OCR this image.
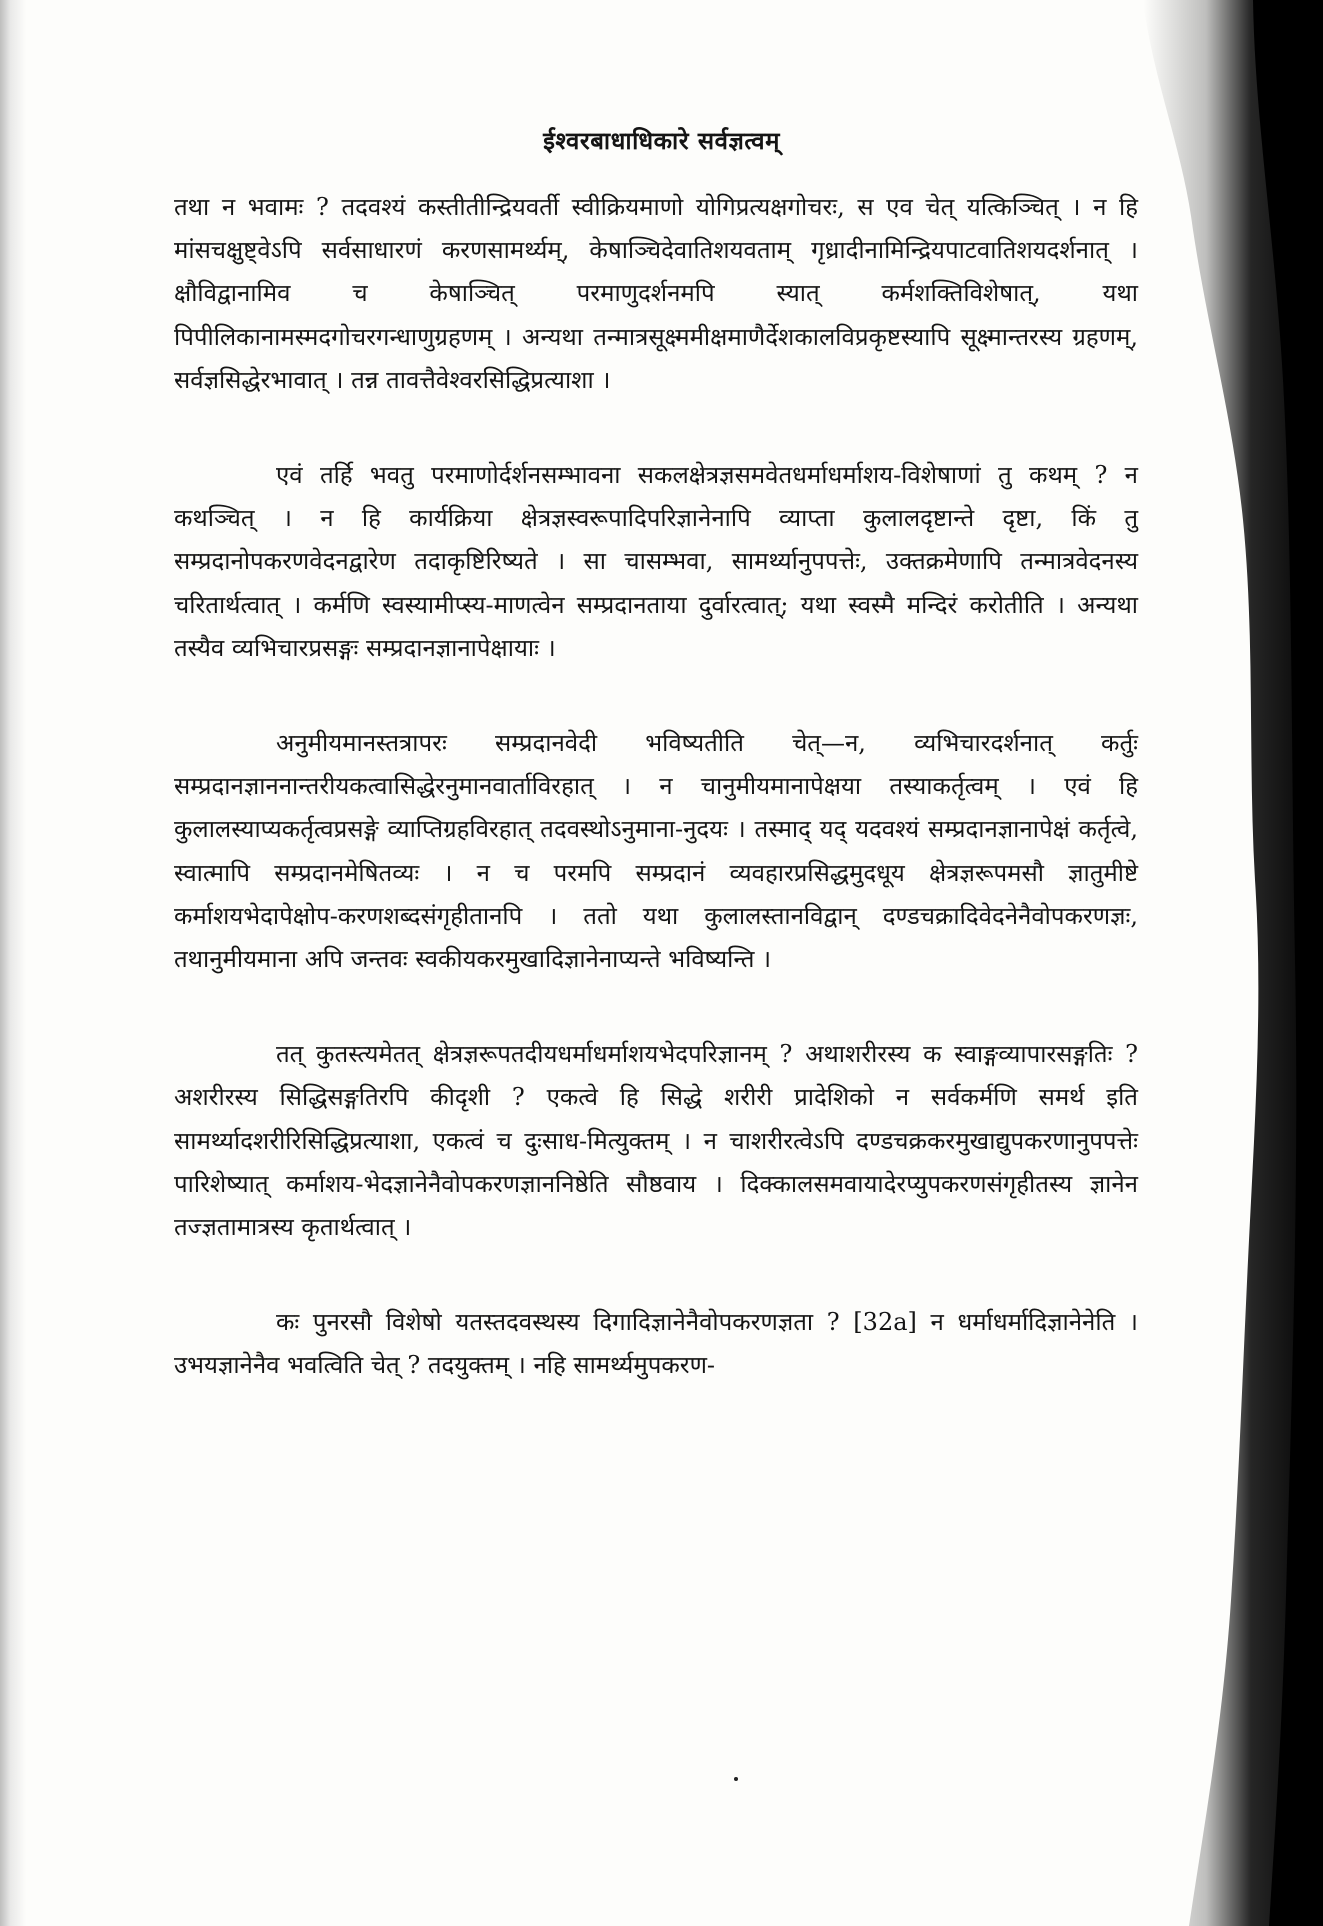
ईश्वरबाधाधिकारे सर्वज्ञत्वम्

तथा न भवामः ? तदवश्यं कस्तीतीन्द्रियवर्ती स्वीक्रियमाणो योगिप्रत्यक्षगोचरः, स एव चेत् यत्किञ्चित् । न हि मांसचक्षुष्ट्वेऽपि सर्वसाधारणं करणसामर्थ्यम्, केषाञ्चिदेवातिशयवताम् गृध्रादीनामिन्द्रियपाटवातिशयदर्शनात् । क्षौविद्वानामिव च केषाञ्चित् परमाणुदर्शनमपि स्यात् कर्मशक्तिविशेषात्, यथा पिपीलिकानामस्मदगोचरगन्धाणुग्रहणम् । अन्यथा तन्मात्रसूक्ष्ममीक्षमाणैर्देशकालविप्रकृष्टस्यापि सूक्ष्मान्तरस्य ग्रहणम्, सर्वज्ञसिद्धेरभावात् । तन्न तावत्तैवेश्वरसिद्धिप्रत्याशा ।

एवं तर्हि भवतु परमाणोर्दर्शनसम्भावना सकलक्षेत्रज्ञसमवेतधर्माधर्माशय-विशेषाणां तु कथम् ? न कथञ्चित् । न हि कार्यक्रिया क्षेत्रज्ञस्वरूपादिपरिज्ञानेनापि व्याप्ता कुलालदृष्टान्ते दृष्टा, किं तु सम्प्रदानोपकरणवेदनद्वारेण तदाकृष्टिरिष्यते । सा चासम्भवा, सामर्थ्यानुपपत्तेः, उक्तक्रमेणापि तन्मात्रवेदनस्य चरितार्थत्वात् । कर्मणि स्वस्यामीप्स्य-माणत्वेन सम्प्रदानताया दुर्वारत्वात्; यथा स्वस्मै मन्दिरं करोतीति । अन्यथा तस्यैव व्यभिचारप्रसङ्गः सम्प्रदानज्ञानापेक्षायाः ।

अनुमीयमानस्तत्रापरः सम्प्रदानवेदी भविष्यतीति चेत्—न, व्यभिचारदर्शनात् कर्तुः सम्प्रदानज्ञाननान्तरीयकत्वासिद्धेरनुमानवार्ताविरहात् । न चानुमीयमानापेक्षया तस्याकर्तृत्वम् । एवं हि कुलालस्याप्यकर्तृत्वप्रसङ्गे व्याप्तिग्रहविरहात् तदवस्थोऽनुमाना-नुदयः । तस्माद् यद् यदवश्यं सम्प्रदानज्ञानापेक्षं कर्तृत्वे, स्वात्मापि सम्प्रदानमेषितव्यः । न च परमपि सम्प्रदानं व्यवहारप्रसिद्धमुदधूय क्षेत्रज्ञरूपमसौ ज्ञातुमीष्टे कर्माशयभेदापेक्षोप-करणशब्दसंगृहीतानपि । ततो यथा कुलालस्तानविद्वान् दण्डचक्रादिवेदनेनैवोपकरणज्ञः, तथानुमीयमाना अपि जन्तवः स्वकीयकरमुखादिज्ञानेनाप्यन्ते भविष्यन्ति ।

तत् कुतस्त्यमेतत् क्षेत्रज्ञरूपतदीयधर्माधर्माशयभेदपरिज्ञानम् ? अथाशरीरस्य क स्वाङ्गव्यापारसङ्गतिः ? अशरीरस्य सिद्धिसङ्गतिरपि कीदृशी ? एकत्वे हि सिद्धे शरीरी प्रादेशिको न सर्वकर्मणि समर्थ इति सामर्थ्यादशरीरिसिद्धिप्रत्याशा, एकत्वं च दुःसाध-मित्युक्तम् । न चाशरीरत्वेऽपि दण्डचक्रकरमुखाद्युपकरणानुपपत्तेः पारिशेष्यात् कर्माशय-भेदज्ञानेनैवोपकरणज्ञाननिष्ठेति सौष्ठवाय । दिक्कालसमवायादेरप्युपकरणसंगृहीतस्य ज्ञानेन तज्ज्ञतामात्रस्य कृतार्थत्वात् ।

कः पुनरसौ विशेषो यतस्तदवस्थस्य दिगादिज्ञानेनैवोपकरणज्ञता ? [32a] न धर्माधर्मादिज्ञानेनेति । उभयज्ञानेनैव भवत्विति चेत् ? तदयुक्तम् । नहि सामर्थ्यमुपकरण-
